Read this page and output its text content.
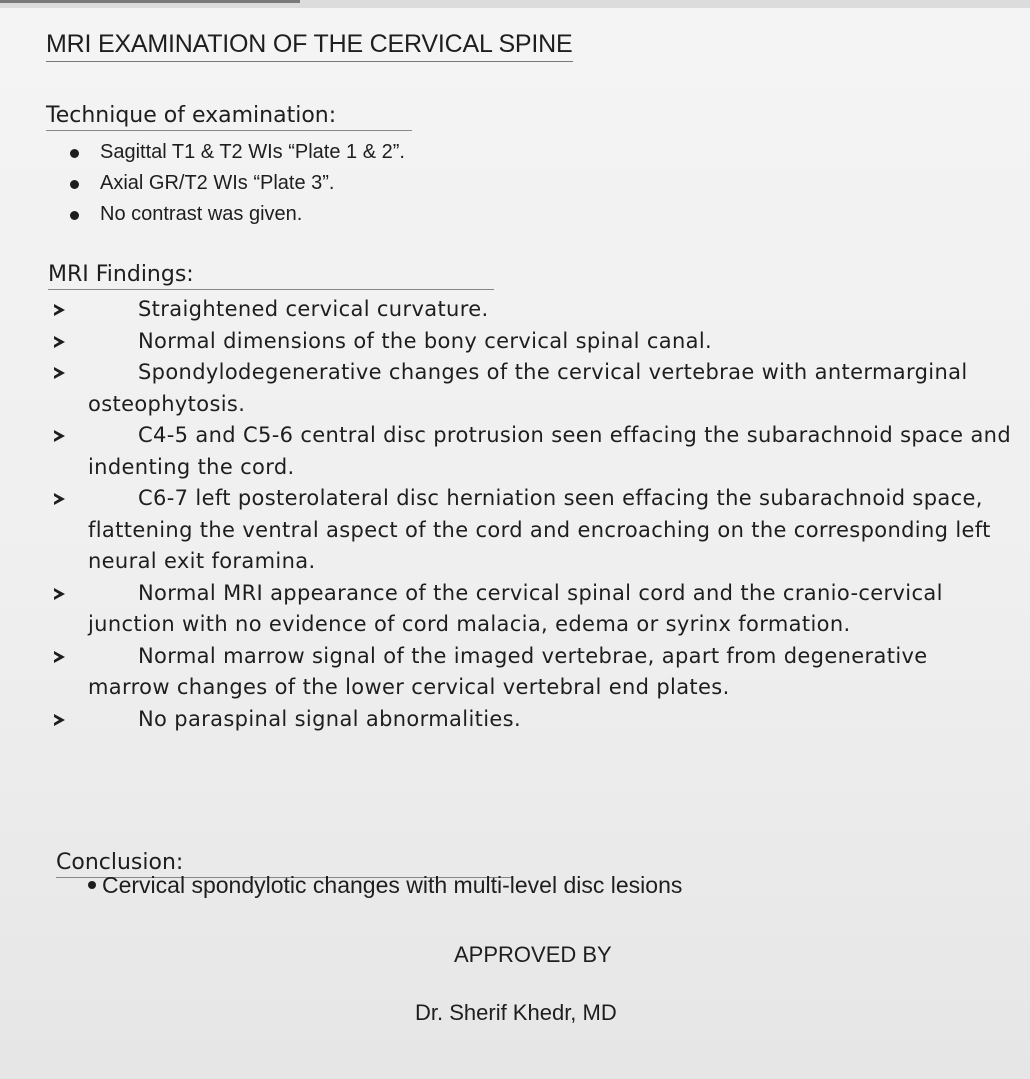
MRI EXAMINATION OF THE CERVICAL SPINE
Technique of examination:
Sagittal T1 & T2 WIs “Plate 1 & 2”.
Axial GR/T2 WIs “Plate 3”.
No contrast was given.
MRI Findings:
Straightened cervical curvature.
Normal dimensions of the bony cervical spinal canal.
Spondylodegenerative changes of the cervical vertebrae with antermarginal osteophytosis.
C4-5 and C5-6 central disc protrusion seen effacing the subarachnoid space and indenting the cord.
C6-7 left posterolateral disc herniation seen effacing the subarachnoid space, flattening the ventral aspect of the cord and encroaching on the corresponding left neural exit foramina.
Normal MRI appearance of the cervical spinal cord and the cranio-cervical junction with no evidence of cord malacia, edema or syrinx formation.
Normal marrow signal of the imaged vertebrae, apart from degenerative marrow changes of the lower cervical vertebral end plates.
No paraspinal signal abnormalities.
Conclusion:
Cervical spondylotic changes with multi-level disc lesions
APPROVED BY
Dr. Sherif Khedr, MD
